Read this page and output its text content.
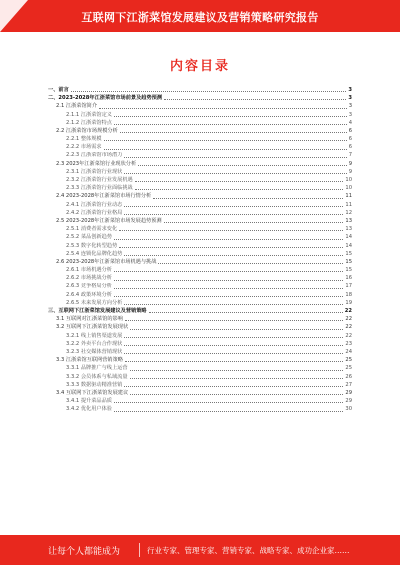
互联网下江浙菜馆发展建议及营销策略研究报告
内容目录
一、前言	3
二、2023-2028年江浙菜馆市场前景及趋势预测	3
2.1 江浙菜馆简介	3
2.1.1 江浙菜馆定义	3
2.1.2 江浙菜馆特点	4
2.2 江浙菜馆市场规模分析	6
2.2.1 整体规模	6
2.2.2 市场需求	6
2.2.3 江浙菜馆市场潜力	7
2.3 2023年江浙菜馆行业现状分析	9
2.3.1 江浙菜馆行业现状	9
2.3.2 江浙菜馆行业发展机遇	10
2.3.3 江浙菜馆行业面临挑战	10
2.4 2023-2028年江浙菜馆市场行情分析	11
2.4.1 江浙菜馆行业动态	11
2.4.2 江浙菜馆行业格局	12
2.5 2023-2028年江浙菜馆市场发展趋势预测	13
2.5.1 消费者需求变化	13
2.5.2 菜品创新趋势	14
2.5.3 数字化转型趋势	14
2.5.4 连锁化品牌化趋势	15
2.6 2023-2028年江浙菜馆市场机遇与挑战	15
2.6.1 市场机遇分析	15
2.6.2 市场挑战分析	16
2.6.3 竞争格局分析	17
2.6.4 政策环境分析	18
2.6.5 未来发展方向分析	19
三、互联网下江浙菜馆发展建议及营销策略	22
3.1 互联网对江浙菜馆的影响	22
3.2 互联网下江浙菜馆发展现状	22
3.2.1 线上销售渠道发展	22
3.2.2 外卖平台合作现状	23
3.2.3 社交媒体营销现状	24
3.3 江浙菜馆互联网营销策略	25
3.3.1 品牌推广与线上运营	25
3.3.2 会员体系与私域流量	26
3.3.3 数据驱动精准营销	27
3.4 互联网下江浙菜馆发展建议	29
3.4.1 提升菜品品质	29
3.4.2 优化用户体验	30
让每个人都能成为	行业专家、管理专家、营销专家、战略专家、成功企业家……
